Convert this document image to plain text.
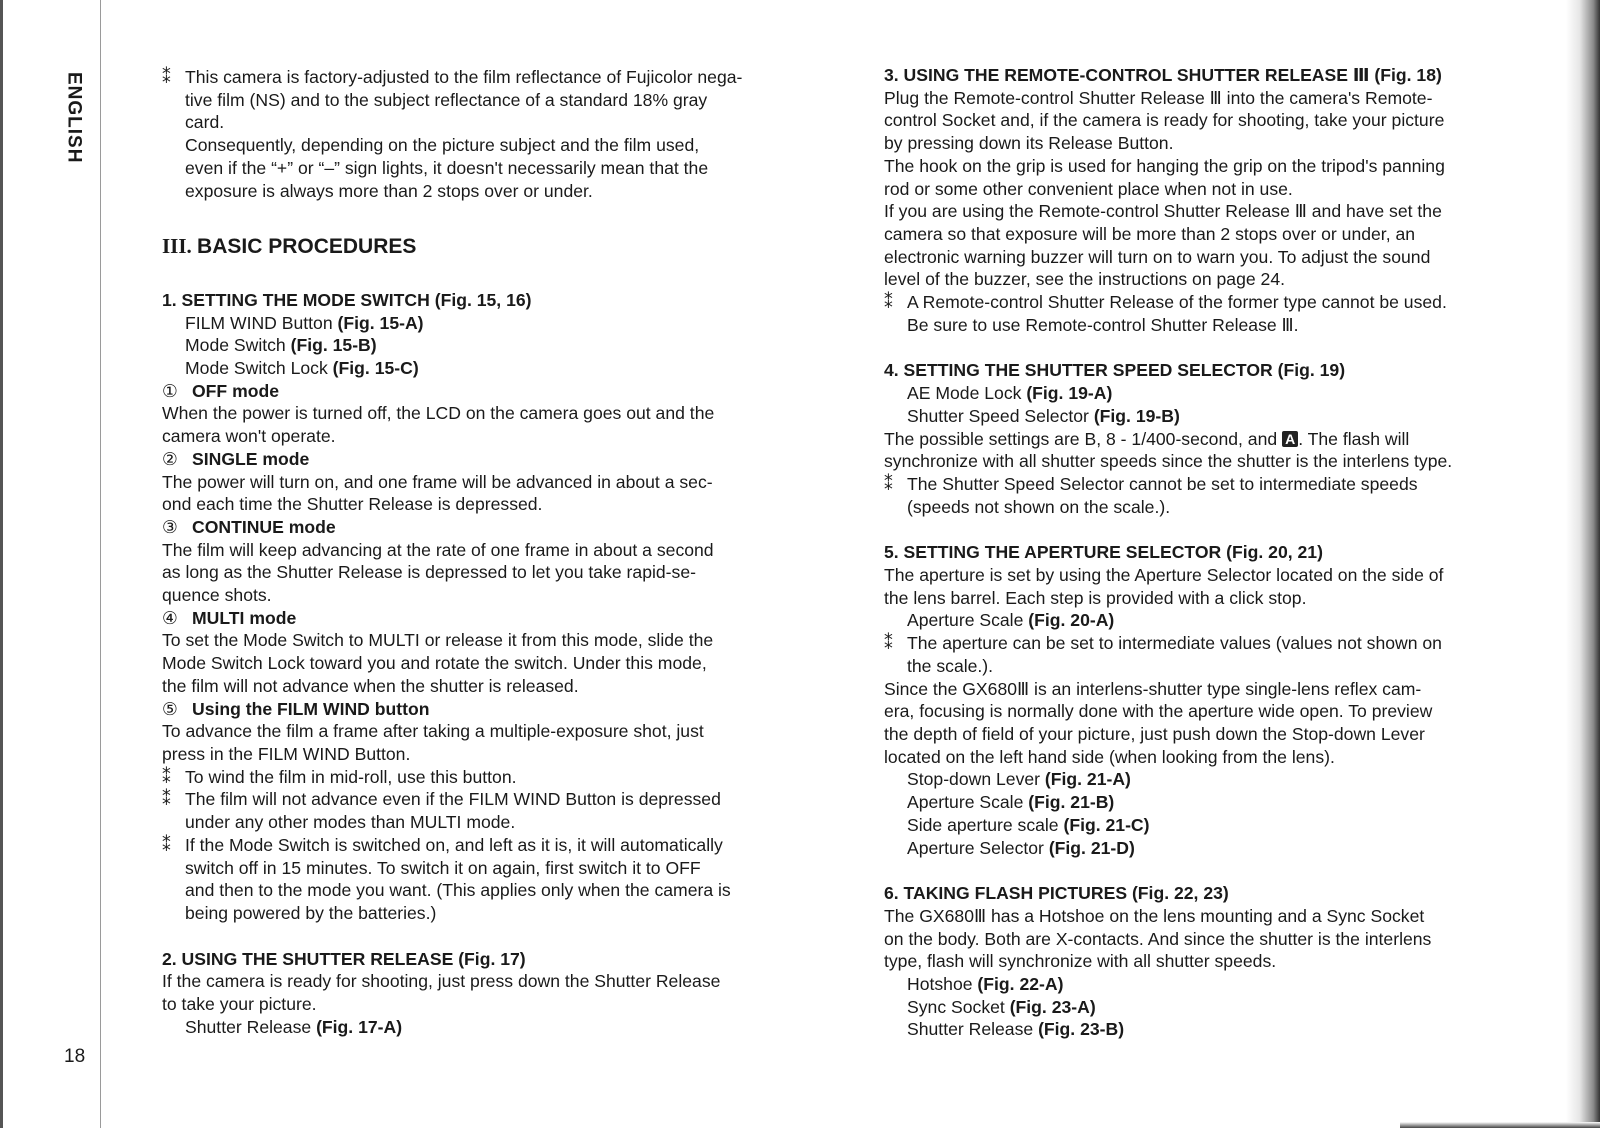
ENGLISH
18
⁑ This camera is factory-adjusted to the film reflectance of Fujicolor nega-

tive film (NS) and to the subject reflectance of a standard 18% gray

card.

Consequently, depending on the picture subject and the film used,

even if the “+” or “–” sign lights, it doesn't necessarily mean that the

exposure is always more than 2 stops over or under.

III. BASIC PROCEDURES

1. SETTING THE MODE SWITCH (Fig. 15, 16)

FILM WIND Button (Fig. 15-A)

Mode Switch (Fig. 15-B)

Mode Switch Lock (Fig. 15-C)

① OFF mode

When the power is turned off, the LCD on the camera goes out and the

camera won't operate.

② SINGLE mode

The power will turn on, and one frame will be advanced in about a sec-

ond each time the Shutter Release is depressed.

③ CONTINUE mode

The film will keep advancing at the rate of one frame in about a second

as long as the Shutter Release is depressed to let you take rapid-se-

quence shots.

④ MULTI mode

To set the Mode Switch to MULTI or release it from this mode, slide the

Mode Switch Lock toward you and rotate the switch. Under this mode,

the film will not advance when the shutter is released.

⑤ Using the FILM WIND button

To advance the film a frame after taking a multiple-exposure shot, just

press in the FILM WIND Button.

⁑ To wind the film in mid-roll, use this button.

⁑ The film will not advance even if the FILM WIND Button is depressed

under any other modes than MULTI mode.

⁑ If the Mode Switch is switched on, and left as it is, it will automatically

switch off in 15 minutes. To switch it on again, first switch it to OFF

and then to the mode you want. (This applies only when the camera is

being powered by the batteries.)

2. USING THE SHUTTER RELEASE (Fig. 17)

If the camera is ready for shooting, just press down the Shutter Release

to take your picture.

Shutter Release (Fig. 17-A)

3. USING THE REMOTE-CONTROL SHUTTER RELEASE Ⅲ (Fig. 18)

Plug the Remote-control Shutter Release Ⅲ into the camera's Remote-

control Socket and, if the camera is ready for shooting, take your picture

by pressing down its Release Button.

The hook on the grip is used for hanging the grip on the tripod's panning

rod or some other convenient place when not in use.

If you are using the Remote-control Shutter Release Ⅲ and have set the

camera so that exposure will be more than 2 stops over or under, an

electronic warning buzzer will turn on to warn you. To adjust the sound

level of the buzzer, see the instructions on page 24.

⁑ A Remote-control Shutter Release of the former type cannot be used.

Be sure to use Remote-control Shutter Release Ⅲ.

4. SETTING THE SHUTTER SPEED SELECTOR (Fig. 19)

AE Mode Lock (Fig. 19-A)

Shutter Speed Selector (Fig. 19-B)

The possible settings are B, 8 - 1/400-second, and A . The flash will

synchronize with all shutter speeds since the shutter is the interlens type.

⁑ The Shutter Speed Selector cannot be set to intermediate speeds

(speeds not shown on the scale.).

5. SETTING THE APERTURE SELECTOR (Fig. 20, 21)

The aperture is set by using the Aperture Selector located on the side of

the lens barrel. Each step is provided with a click stop.

Aperture Scale (Fig. 20-A)

⁑ The aperture can be set to intermediate values (values not shown on

the scale.).

Since the GX680Ⅲ is an interlens-shutter type single-lens reflex cam-

era, focusing is normally done with the aperture wide open. To preview

the depth of field of your picture, just push down the Stop-down Lever

located on the left hand side (when looking from the lens).

Stop-down Lever (Fig. 21-A)

Aperture Scale (Fig. 21-B)

Side aperture scale (Fig. 21-C)

Aperture Selector (Fig. 21-D)

6. TAKING FLASH PICTURES (Fig. 22, 23)

The GX680Ⅲ has a Hotshoe on the lens mounting and a Sync Socket

on the body. Both are X-contacts. And since the shutter is the interlens

type, flash will synchronize with all shutter speeds.

Hotshoe (Fig. 22-A)

Sync Socket (Fig. 23-A)

Shutter Release (Fig. 23-B)
